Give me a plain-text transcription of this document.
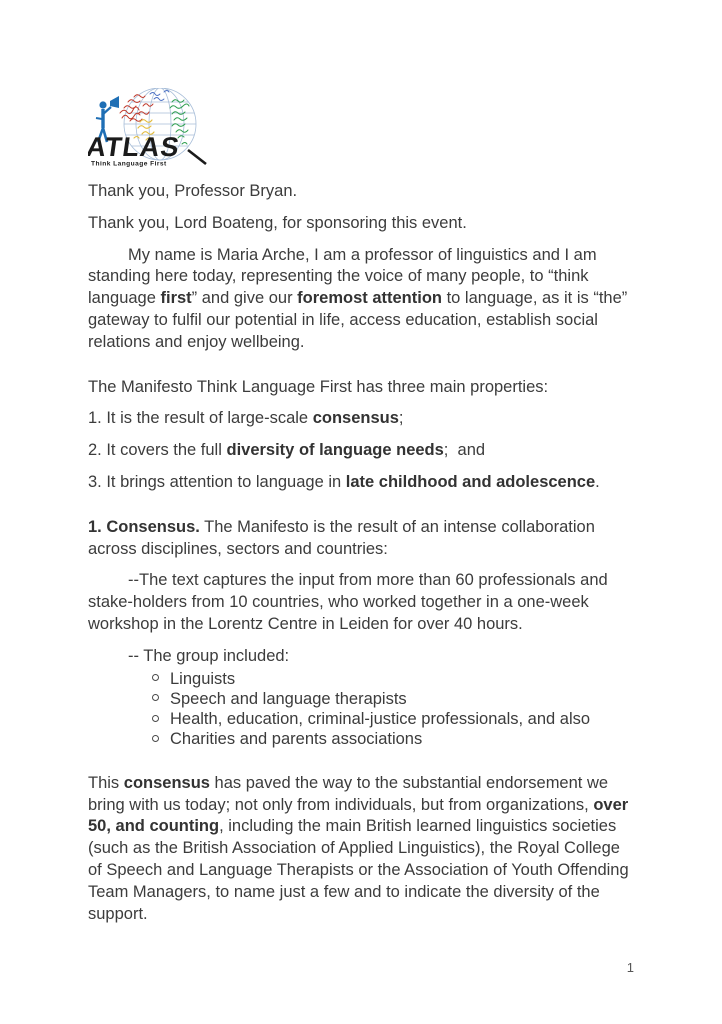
ATLAS
Think Language First

Thank you, Professor Bryan.

Thank you, Lord Boateng, for sponsoring this event.

My name is Maria Arche, I am a professor of linguistics and I am standing here today, representing the voice of many people, to “think language first” and give our foremost attention to language, as it is “the” gateway to fulfil our potential in life, access education, establish social relations and enjoy wellbeing.

The Manifesto Think Language First has three main properties:

1. It is the result of large-scale consensus;

2. It covers the full diversity of language needs;  and

3. It brings attention to language in late childhood and adolescence.

1. Consensus. The Manifesto is the result of an intense collaboration across disciplines, sectors and countries:

--The text captures the input from more than 60 professionals and stake-holders from 10 countries, who worked together in a one-week workshop in the Lorentz Centre in Leiden for over 40 hours.

-- The group included:

Linguists
Speech and language therapists
Health, education, criminal-justice professionals, and also
Charities and parents associations

This consensus has paved the way to the substantial endorsement we bring with us today; not only from individuals, but from organizations, over 50, and counting, including the main British learned linguistics societies (such as the British Association of Applied Linguistics), the Royal College of Speech and Language Therapists or the Association of Youth Offending Team Managers, to name just a few and to indicate the diversity of the support.

1
